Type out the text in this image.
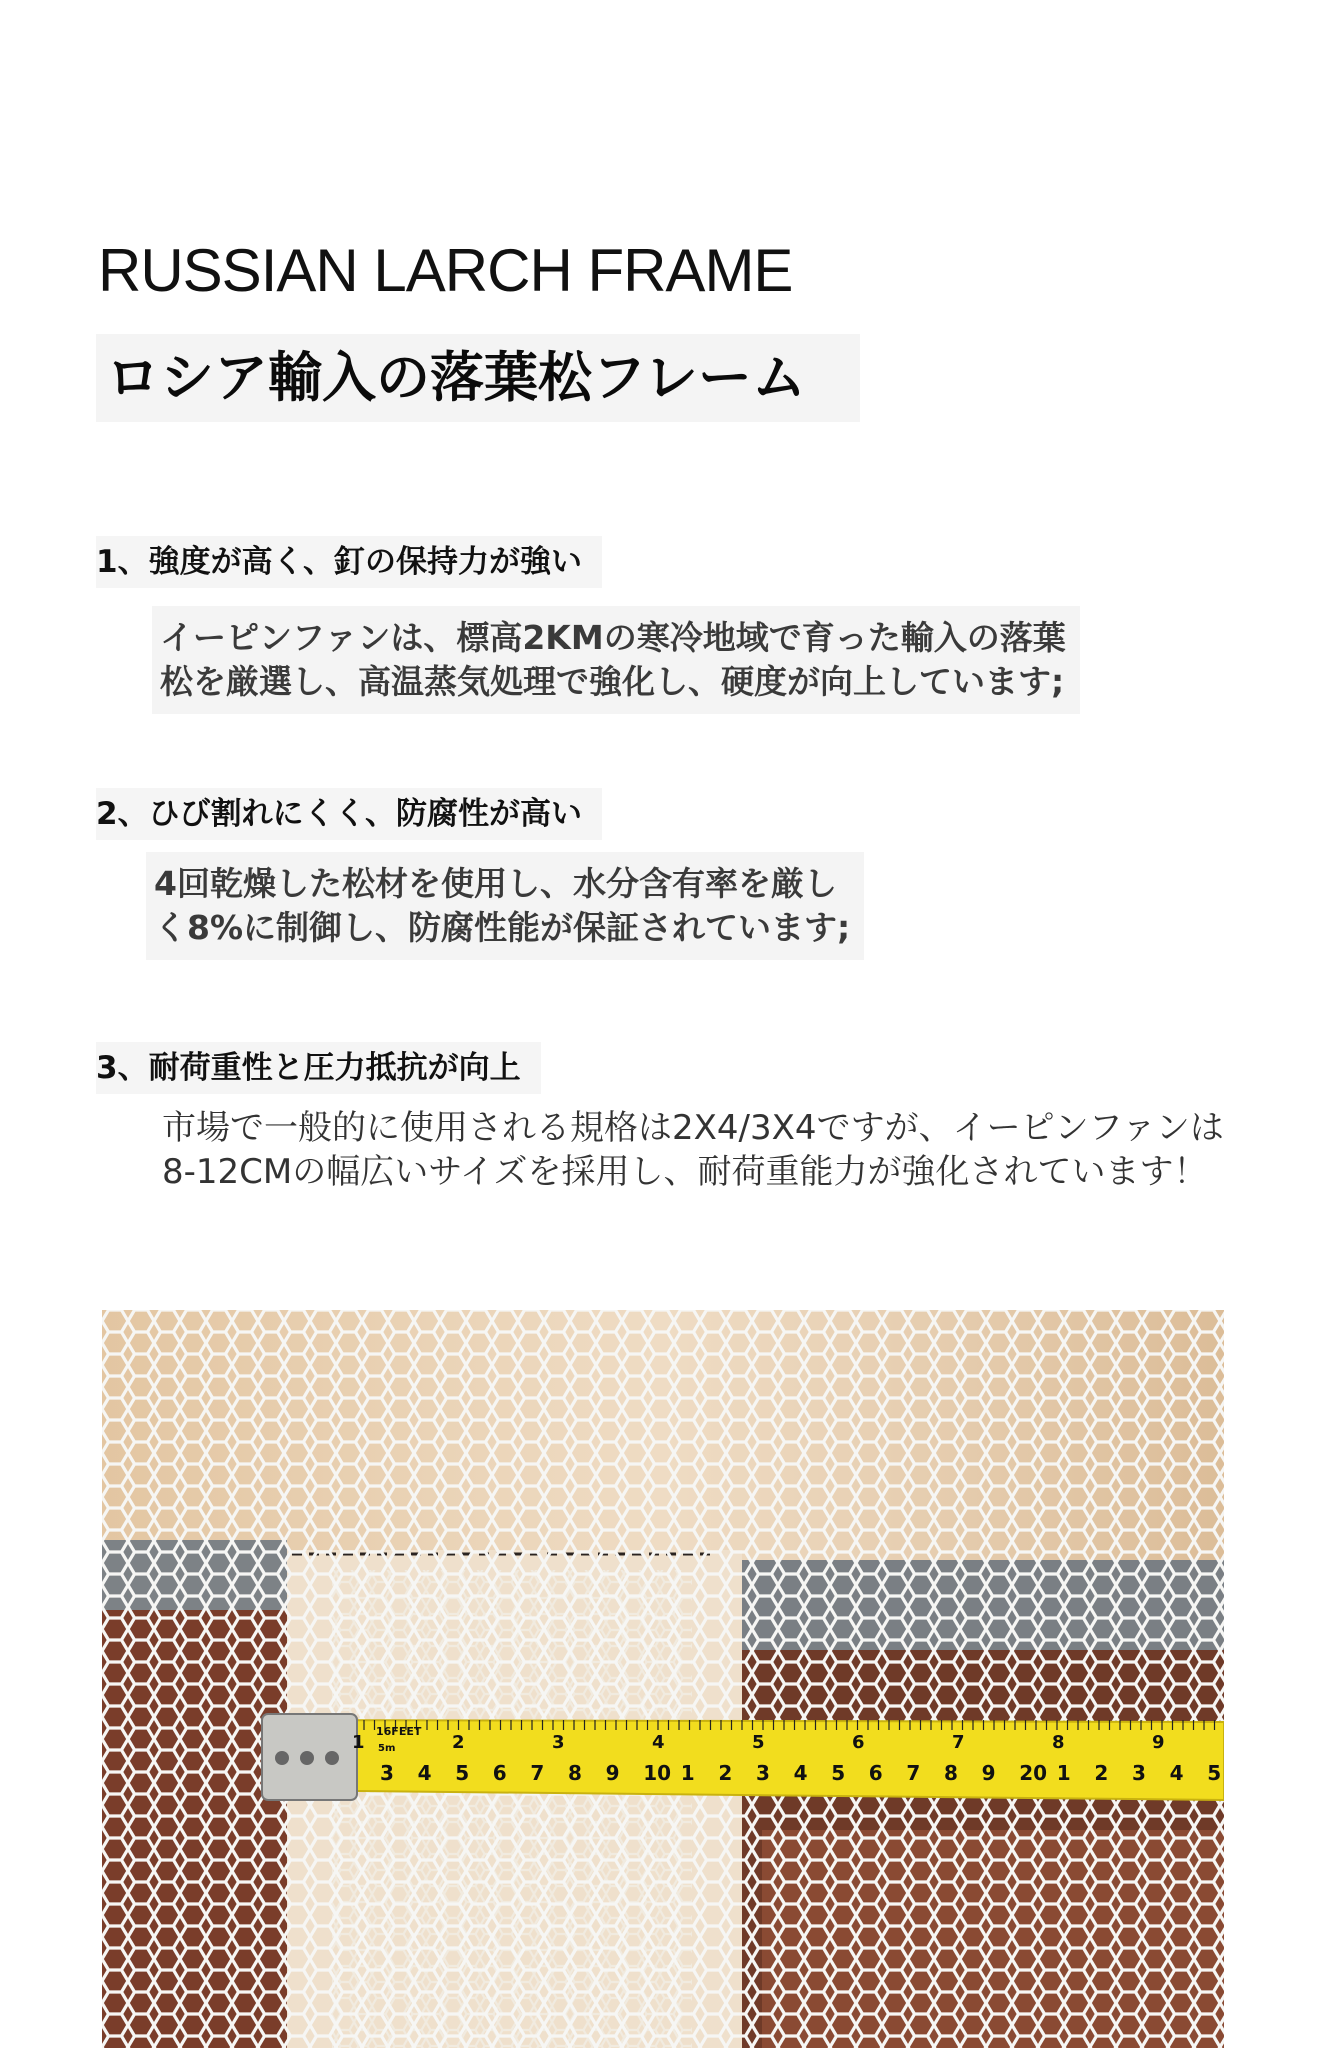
RUSSIAN LARCH FRAME
ロシア輸入の落葉松フレーム
1、強度が高く、釘の保持力が強い

イーピンファンは、標高2KMの寒冷地域で育った輸入の落葉

松を厳選し、高温蒸気処理で強化し、硬度が向上しています;

2、ひび割れにくく、防腐性が高い

4回乾燥した松材を使用し、水分含有率を厳し

く8%に制御し、防腐性能が保証されています;

3、耐荷重性と圧力抵抗が向上

市場で一般的に使用される規格は2X4/3X4ですが、イーピンファンは

8-12CMの幅広いサイズを採用し、耐荷重能力が強化されています！

16FEET
5m
1	2	3	4	5	6	7	8	9
3 4 5 6 7 8 9 10 1 2 3 4 5 6 7 8 9 20 1 2 3 4 5
